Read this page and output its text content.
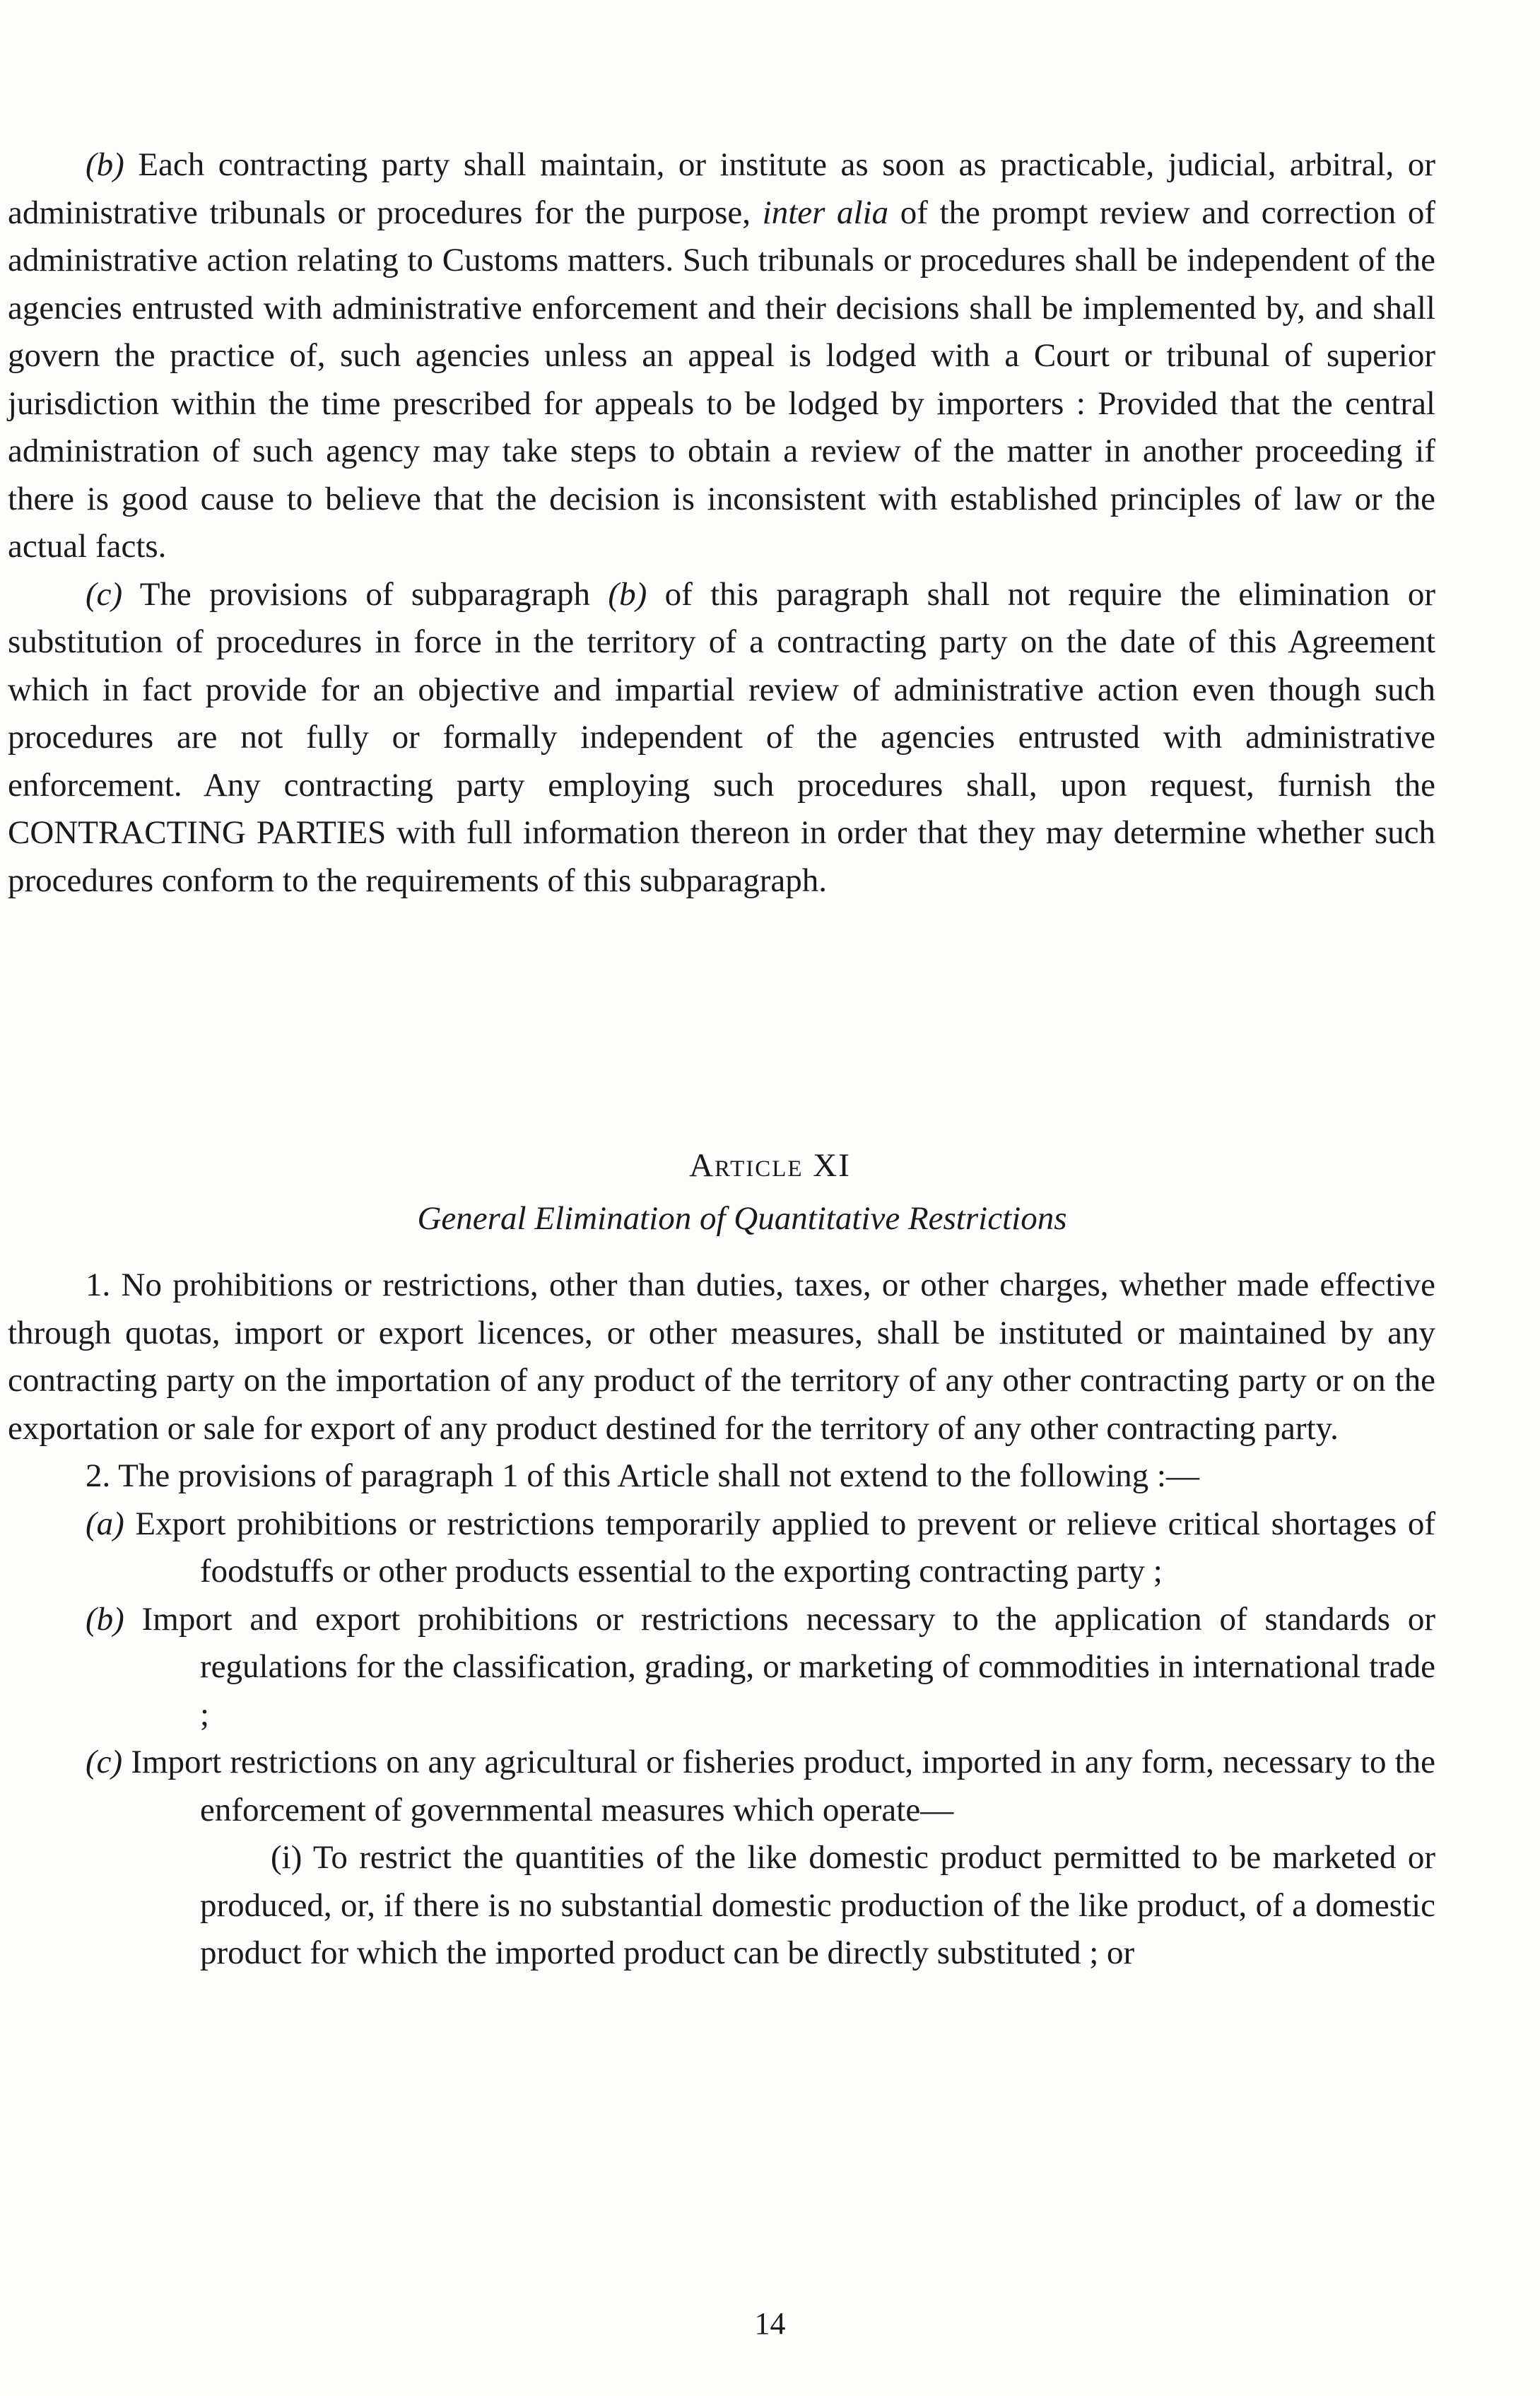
(b) Each contracting party shall maintain, or institute as soon as practicable, judicial, arbitral, or administrative tribunals or procedures for the purpose, inter alia of the prompt review and correction of administrative action relating to Customs matters. Such tribunals or procedures shall be independent of the agencies entrusted with administrative enforcement and their decisions shall be implemented by, and shall govern the practice of, such agencies unless an appeal is lodged with a Court or tribunal of superior jurisdiction within the time prescribed for appeals to be lodged by importers : Provided that the central administration of such agency may take steps to obtain a review of the matter in another proceeding if there is good cause to believe that the decision is inconsistent with established principles of law or the actual facts.

(c) The provisions of subparagraph (b) of this paragraph shall not require the elimination or substitution of procedures in force in the territory of a contracting party on the date of this Agreement which in fact provide for an objective and impartial review of administrative action even though such procedures are not fully or formally independent of the agencies entrusted with administrative enforcement. Any contracting party employing such procedures shall, upon request, furnish the CONTRACTING PARTIES with full information thereon in order that they may determine whether such procedures conform to the requirements of this subparagraph.

Article XI
General Elimination of Quantitative Restrictions

1. No prohibitions or restrictions, other than duties, taxes, or other charges, whether made effective through quotas, import or export licences, or other measures, shall be instituted or maintained by any contracting party on the importation of any product of the territory of any other contracting party or on the exportation or sale for export of any product destined for the territory of any other contracting party.

2. The provisions of paragraph 1 of this Article shall not extend to the following :—

(a) Export prohibitions or restrictions temporarily applied to prevent or relieve critical shortages of foodstuffs or other products essential to the exporting contracting party ;

(b) Import and export prohibitions or restrictions necessary to the application of standards or regulations for the classification, grading, or marketing of commodities in international trade ;

(c) Import restrictions on any agricultural or fisheries product, imported in any form, necessary to the enforcement of governmental measures which operate—

(i) To restrict the quantities of the like domestic product permitted to be marketed or produced, or, if there is no substantial domestic production of the like product, of a domestic product for which the imported product can be directly substituted ; or

14
